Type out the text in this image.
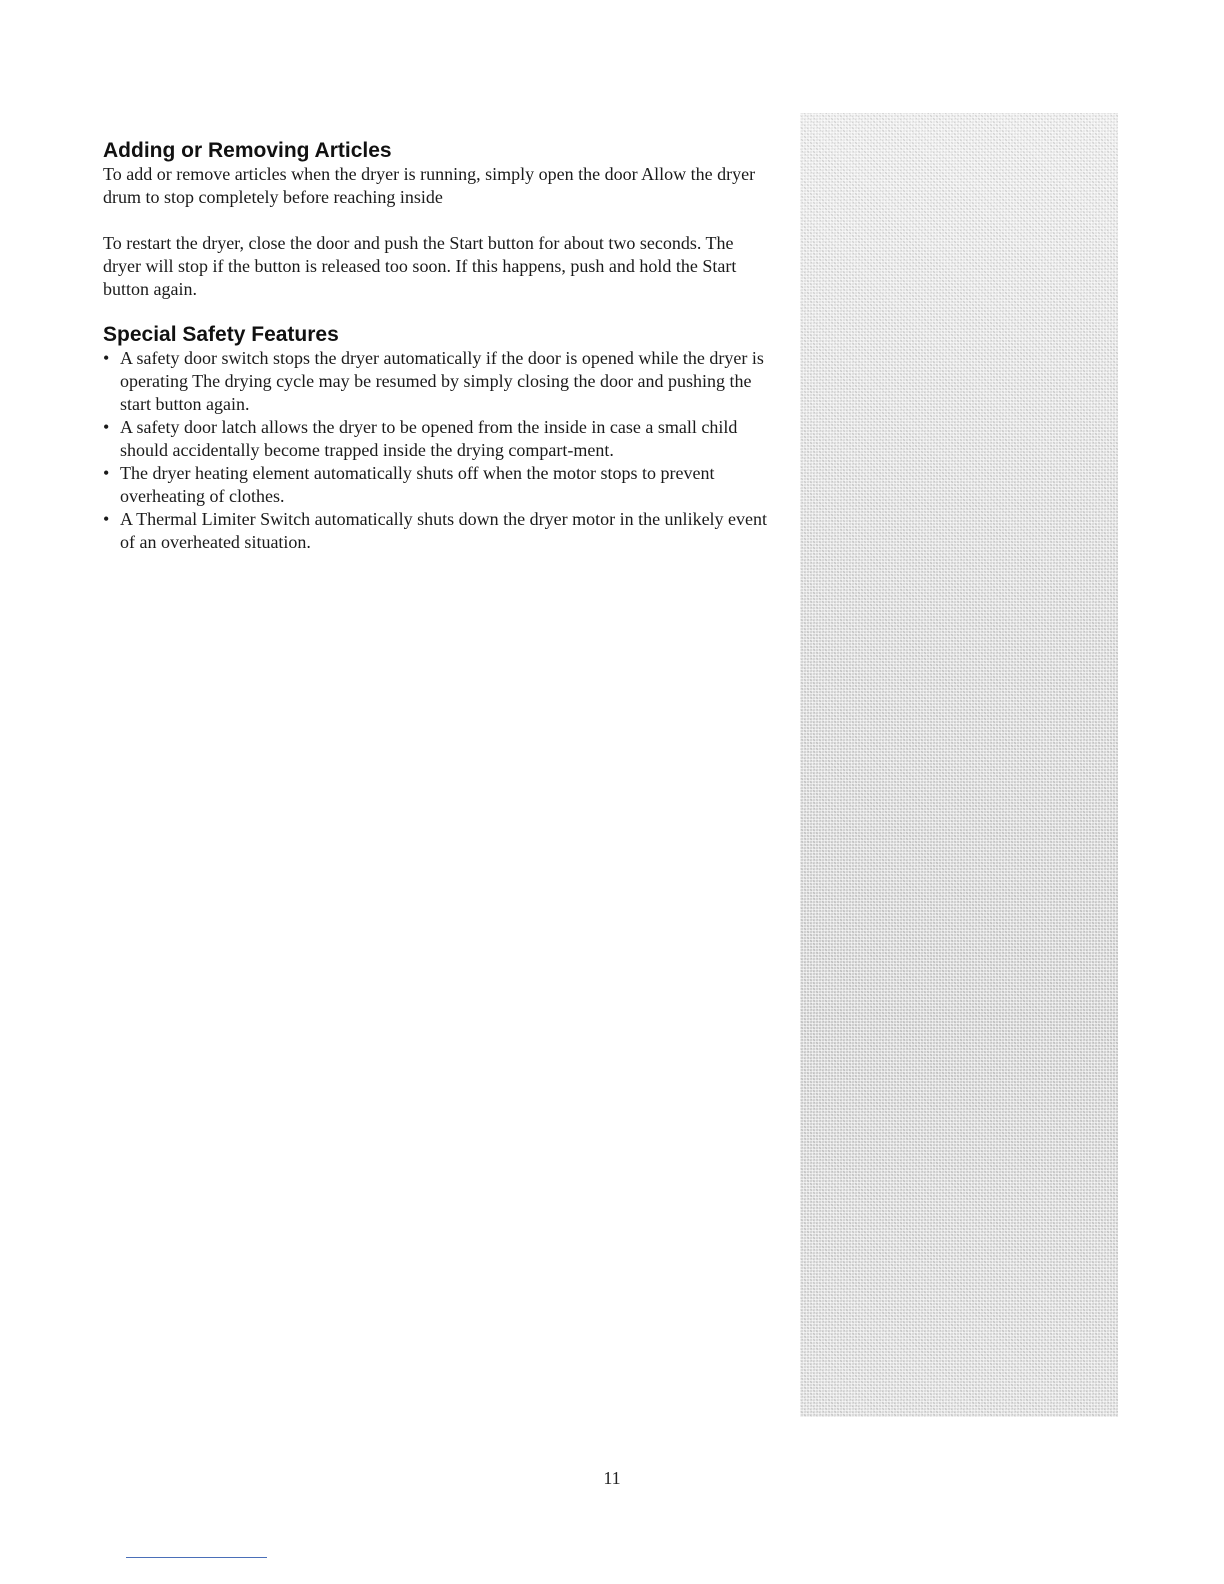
Adding or Removing Articles

To add or remove articles when the dryer is running, simply open the door Allow the dryer drum to stop completely before reaching inside

To restart the dryer, close the door and push the Start button for about two seconds. The dryer will stop if the button is released too soon. If this happens, push and hold the Start button again.

Special Safety Features
• A safety door switch stops the dryer automatically if the door is opened while the dryer is operating The drying cycle may be resumed by simply closing the door and pushing the start button again.
• A safety door latch allows the dryer to be opened from the inside in case a small child should accidentally become trapped inside the drying compart-ment.
• The dryer heating element automatically shuts off when the motor stops to prevent overheating of clothes.
• A Thermal Limiter Switch automatically shuts down the dryer motor in the unlikely event of an overheated situation.
11
